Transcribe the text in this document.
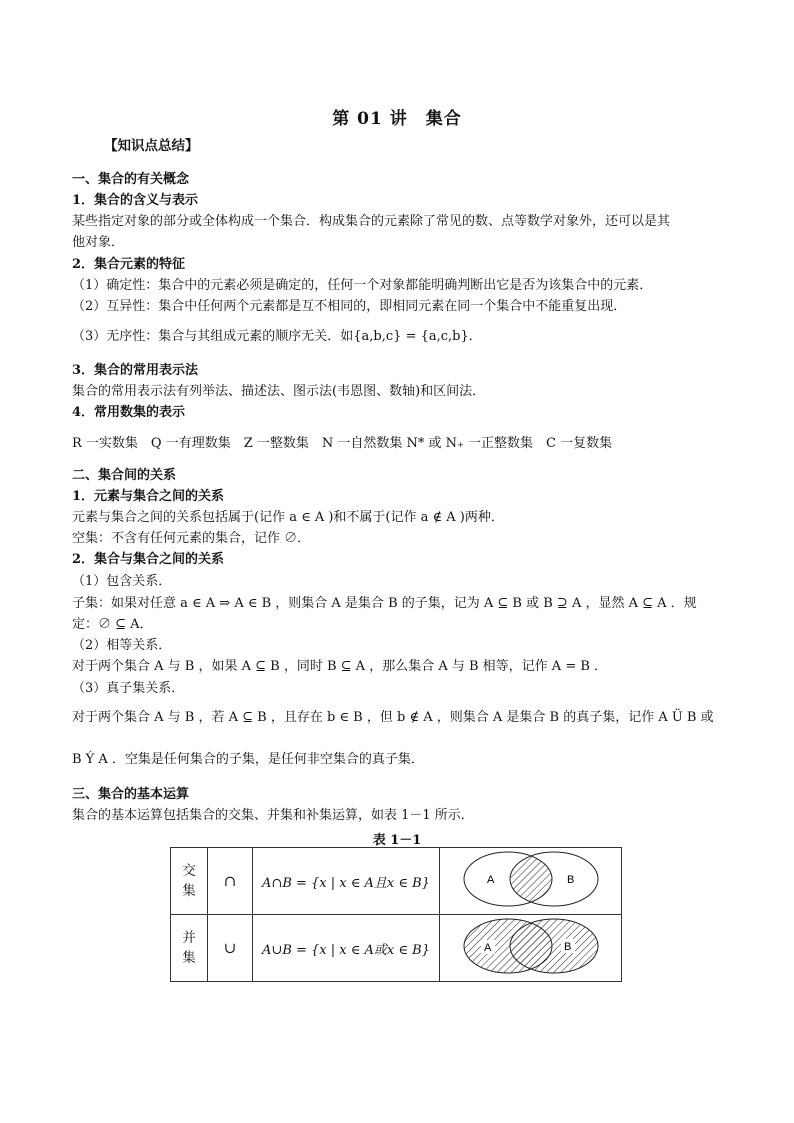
第 01 讲　集合
【知识点总结】
一、集合的有关概念
1．集合的含义与表示
某些指定对象的部分或全体构成一个集合．构成集合的元素除了常见的数、点等数学对象外，还可以是其
他对象．
2．集合元素的特征
（1）确定性：集合中的元素必须是确定的，任何一个对象都能明确判断出它是否为该集合中的元素．
（2）互异性：集合中任何两个元素都是互不相同的，即相同元素在同一个集合中不能重复出现．
（3）无序性：集合与其组成元素的顺序无关．如{a,b,c} = {a,c,b}．
3．集合的常用表示法
集合的常用表示法有列举法、描述法、图示法(韦恩图、数轴)和区间法．
4．常用数集的表示
R 一实数集　Q 一有理数集　Z 一整数集　N 一自然数集 N* 或 N₊ 一正整数集　C 一复数集
二、集合间的关系
1．元素与集合之间的关系
元素与集合之间的关系包括属于(记作 a ∈ A )和不属于(记作 a ∉ A )两种．
空集：不含有任何元素的集合，记作 ∅．
2．集合与集合之间的关系
（1）包含关系．
子集：如果对任意 a ∈ A ⇒ A ∈ B ，则集合 A 是集合 B 的子集，记为 A ⊆ B 或 B ⊇ A ，显然 A ⊆ A ．规
定：∅ ⊆ A．
（2）相等关系．
对于两个集合 A 与 B ，如果 A ⊆ B ，同时 B ⊆ A ，那么集合 A 与 B 相等，记作 A = B ．
（3）真子集关系．
对于两个集合 A 与 B ，若 A ⊆ B ，且存在 b ∈ B ，但 b ∉ A ，则集合 A 是集合 B 的真子集，记作 A Ü B 或
B Ý A ．空集是任何集合的子集，是任何非空集合的真子集．
三、集合的基本运算
集合的基本运算包括集合的交集、并集和补集运算，如表 1－1 所示．
表 1－1
交
集	∩	A∩B = {x | x ∈ A且x ∈ B}	A B

并
集	∪	A∪B = {x | x ∈ A或x ∈ B}	A B
